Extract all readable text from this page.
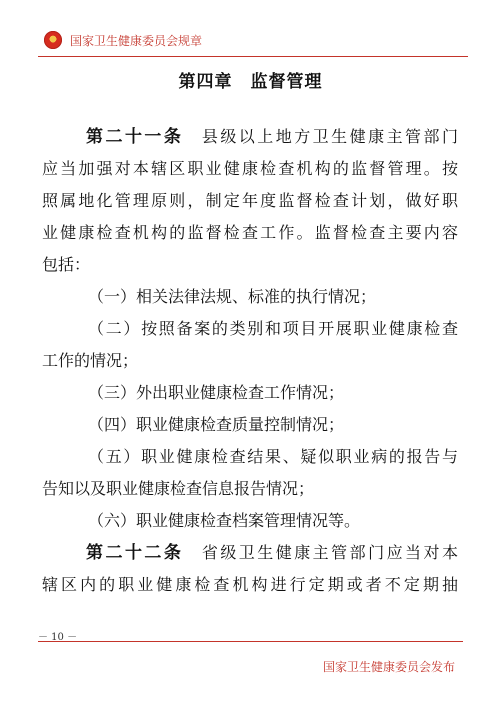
国家卫生健康委员会规章
第四章　监督管理
第二十一条 县级以上地方卫生健康主管部门
应当加强对本辖区职业健康检查机构的监督管理。按
照属地化管理原则，制定年度监督检查计划，做好职
业健康检查机构的监督检查工作。监督检查主要内容
包括：
（一）相关法律法规、标准的执行情况；
（二）按照备案的类别和项目开展职业健康检查
工作的情况；
（三）外出职业健康检查工作情况；
（四）职业健康检查质量控制情况；
（五）职业健康检查结果、疑似职业病的报告与
告知以及职业健康检查信息报告情况；
（六）职业健康检查档案管理情况等。
第二十二条 省级卫生健康主管部门应当对本
辖区内的职业健康检查机构进行定期或者不定期抽
－ 10 －
国家卫生健康委员会发布
